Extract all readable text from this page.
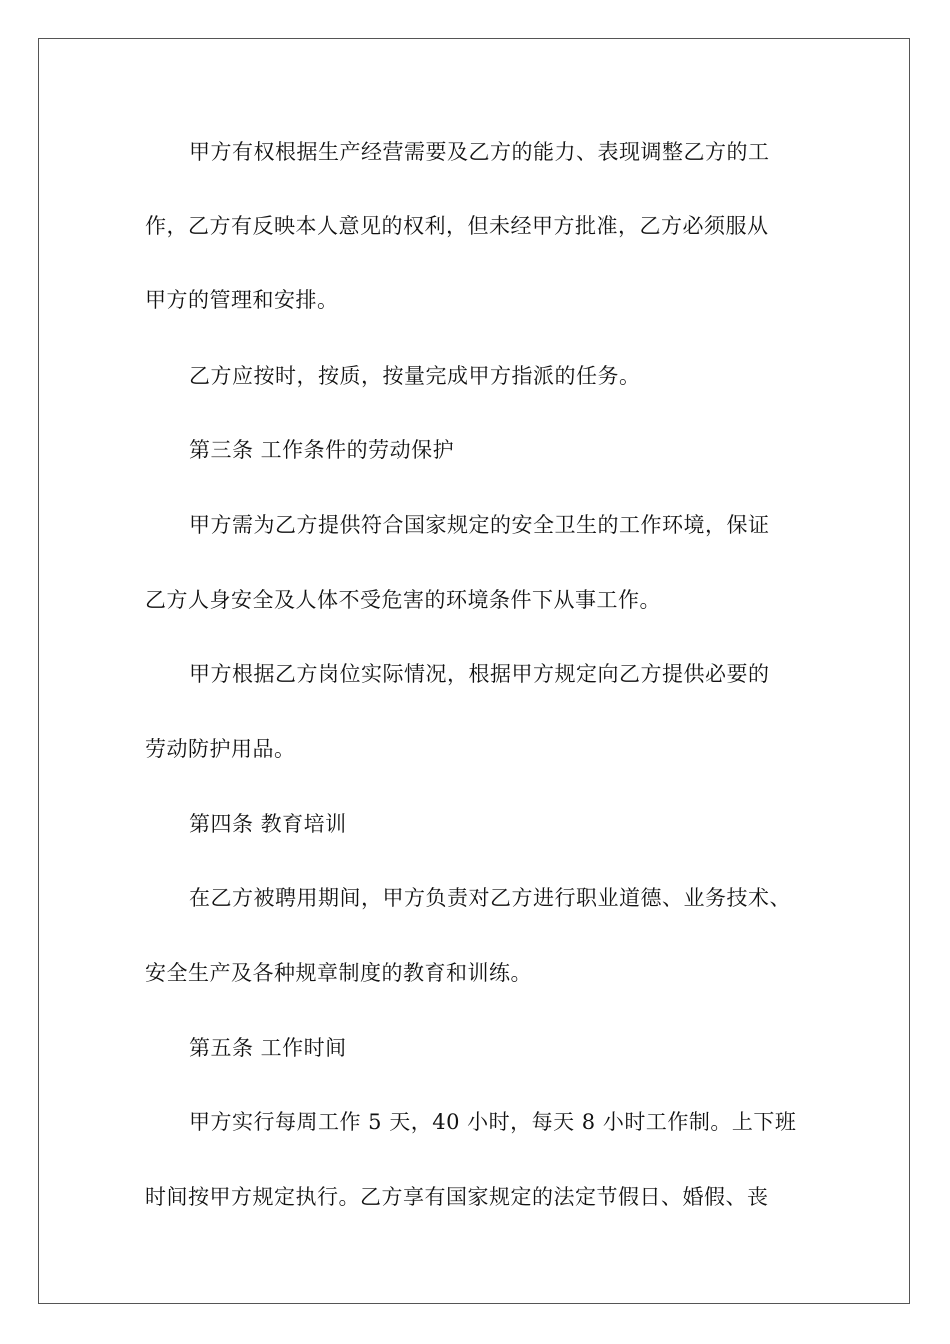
甲方有权根据生产经营需要及乙方的能力、表现调整乙方的工
作，乙方有反映本人意见的权利，但未经甲方批准，乙方必须服从
甲方的管理和安排。
乙方应按时，按质，按量完成甲方指派的任务。
第三条 工作条件的劳动保护
甲方需为乙方提供符合国家规定的安全卫生的工作环境，保证
乙方人身安全及人体不受危害的环境条件下从事工作。
甲方根据乙方岗位实际情况，根据甲方规定向乙方提供必要的
劳动防护用品。
第四条 教育培训
在乙方被聘用期间，甲方负责对乙方进行职业道德、业务技术、
安全生产及各种规章制度的教育和训练。
第五条 工作时间
甲方实行每周工作 5 天，40 小时，每天 8 小时工作制。上下班
时间按甲方规定执行。乙方享有国家规定的法定节假日、婚假、丧
